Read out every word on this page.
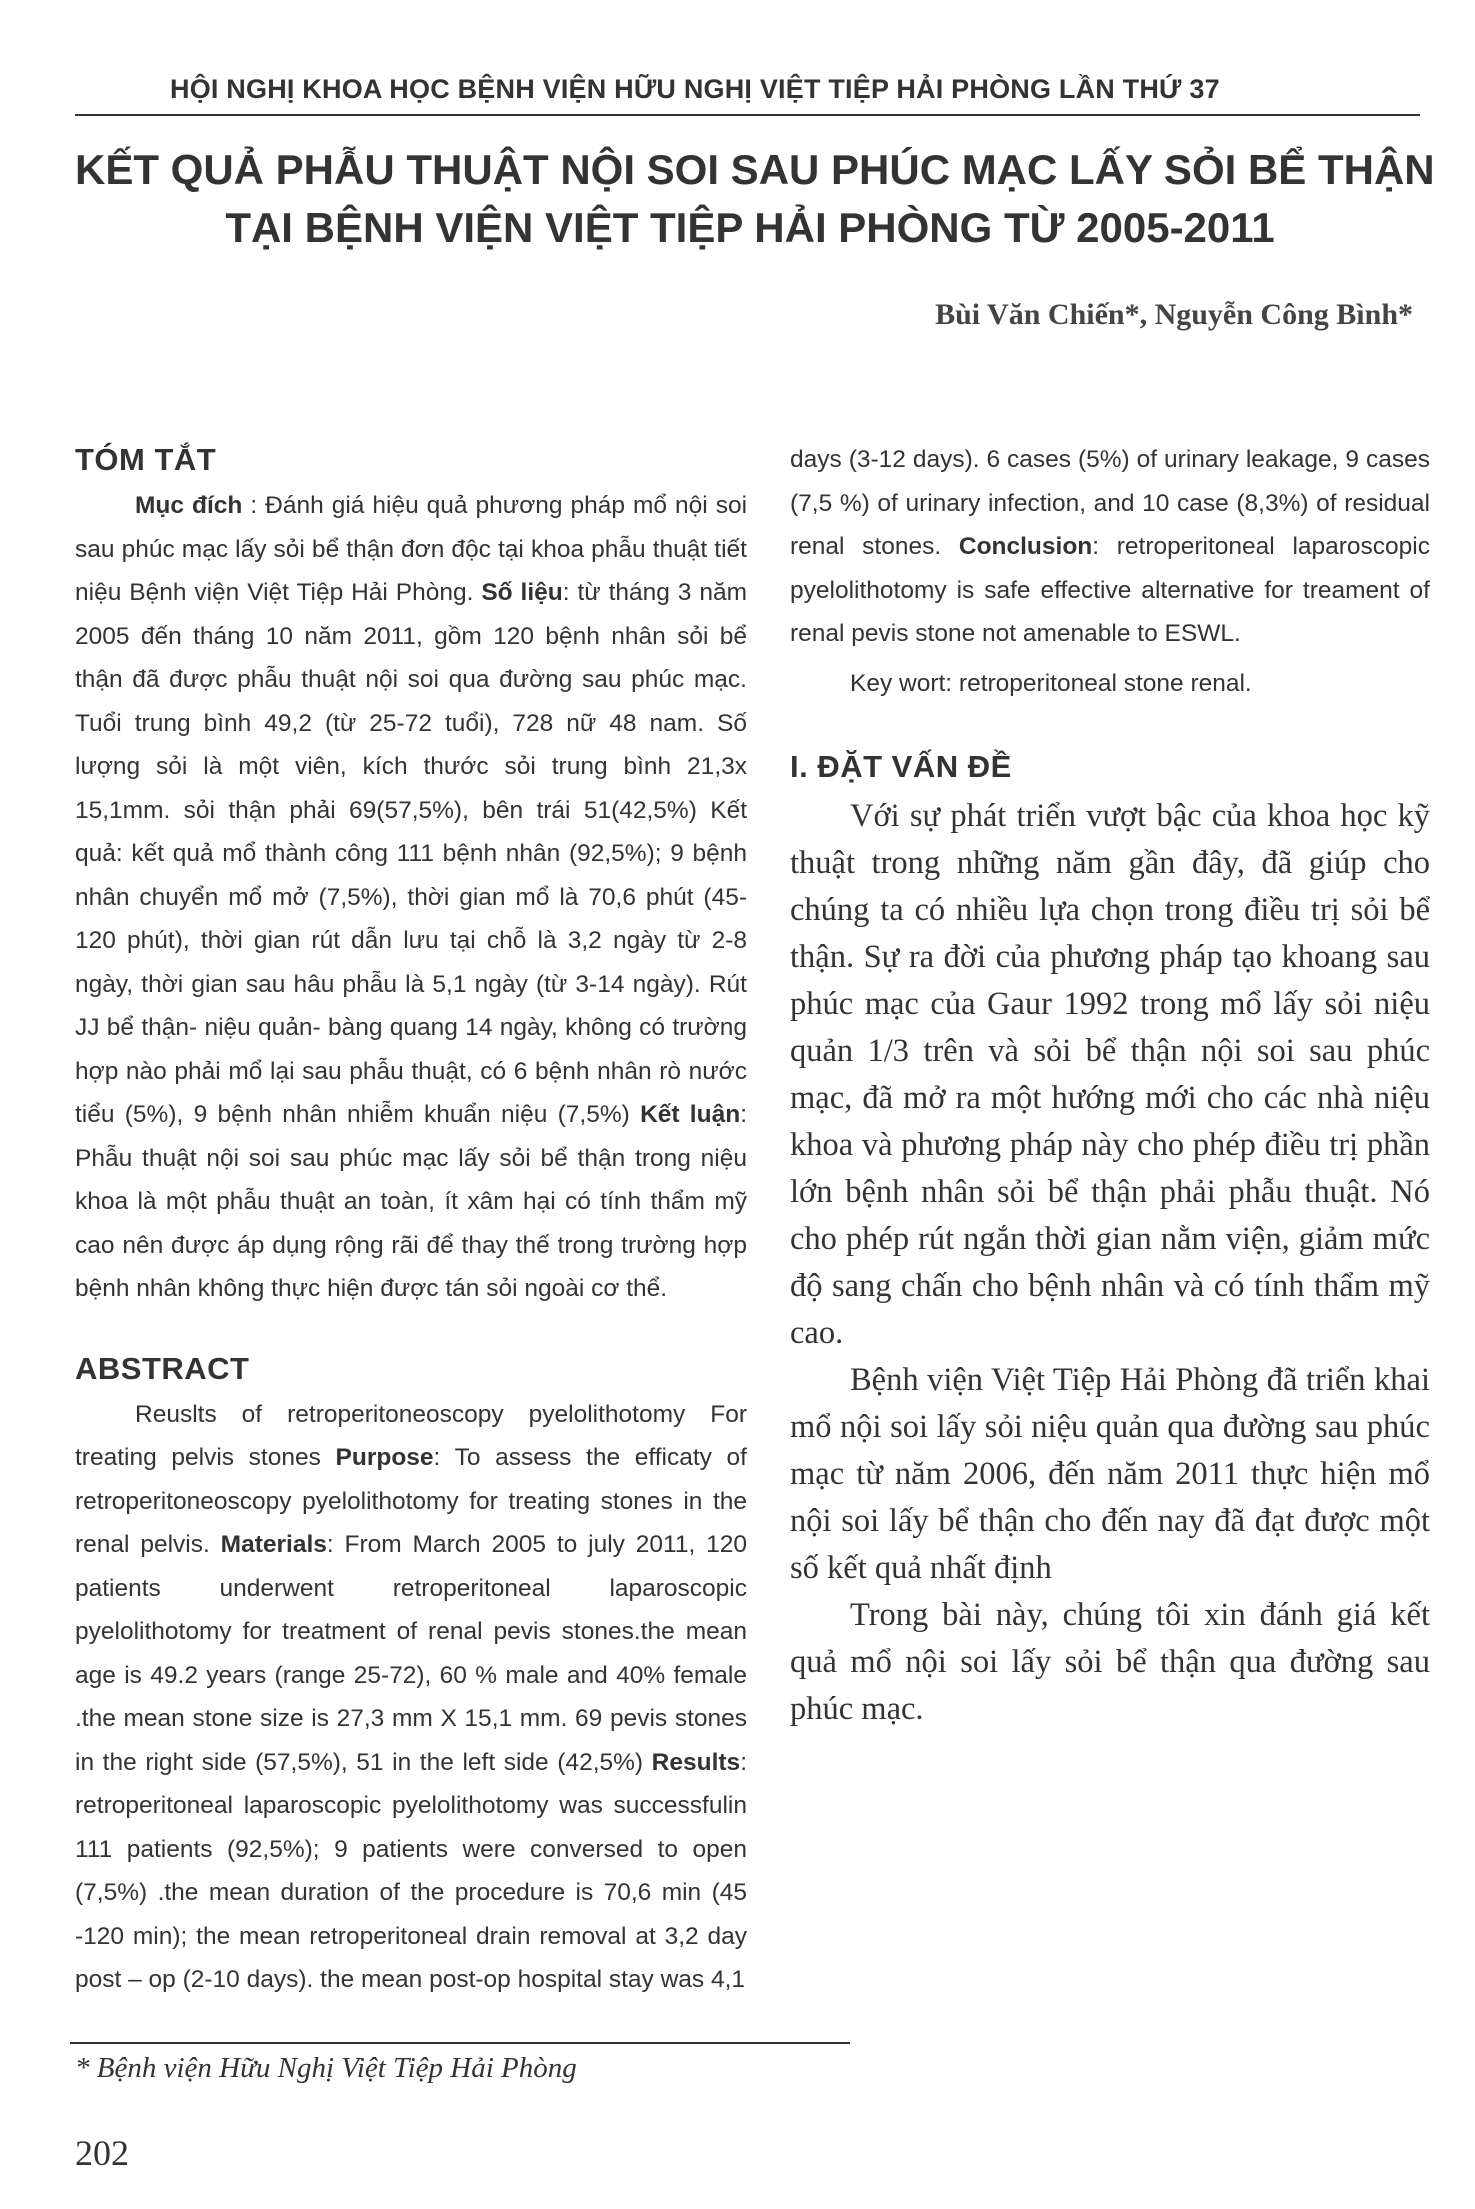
HỘI NGHỊ KHOA HỌC BỆNH VIỆN HỮU NGHỊ VIỆT TIỆP HẢI PHÒNG LẦN THỨ 37
KẾT QUẢ PHẪU THUẬT NỘI SOI SAU PHÚC MẠC LẤY SỎI BỂ THẬN
TẠI BỆNH VIỆN VIỆT TIỆP HẢI PHÒNG TỪ 2005-2011
Bùi Văn Chiến*, Nguyễn Công Bình*
TÓM TẮT

Mục đích : Đánh giá hiệu quả phương pháp mổ nội soi sau phúc mạc lấy sỏi bể thận đơn độc tại khoa phẫu thuật tiết niệu Bệnh viện Việt Tiệp Hải Phòng. Số liệu: từ tháng 3 năm 2005 đến tháng 10 năm 2011, gồm 120 bệnh nhân sỏi bể thận đã được phẫu thuật nội soi qua đường sau phúc mạc. Tuổi trung bình 49,2 (từ 25-72 tuổi), 728 nữ 48 nam. Số lượng sỏi là một viên, kích thước sỏi trung bình 21,3x 15,1mm. sỏi thận phải 69(57,5%), bên trái 51(42,5%) Kết quả: kết quả mổ thành công 111 bệnh nhân (92,5%); 9 bệnh nhân chuyển mổ mở (7,5%), thời gian mổ là 70,6 phút (45-120 phút), thời gian rút dẫn lưu tại chỗ là 3,2 ngày từ 2-8 ngày, thời gian sau hâu phẫu là 5,1 ngày (từ 3-14 ngày). Rút JJ bể thận- niệu quản- bàng quang 14 ngày, không có trường hợp nào phải mổ lại sau phẫu thuật, có 6 bệnh nhân rò nước tiểu (5%), 9 bệnh nhân nhiễm khuẩn niệu (7,5%) Kết luận: Phẫu thuật nội soi sau phúc mạc lấy sỏi bể thận trong niệu khoa là một phẫu thuật an toàn, ít xâm hại có tính thẩm mỹ cao nên được áp dụng rộng rãi để thay thế trong trường hợp bệnh nhân không thực hiện được tán sỏi ngoài cơ thể.

ABSTRACT

Reuslts of retroperitoneoscopy pyelolithotomy For treating pelvis stones Purpose: To assess the efficaty of retroperitoneoscopy pyelolithotomy for treating stones in the renal pelvis. Materials: From March 2005 to july 2011, 120 patients underwent retroperitoneal laparoscopic pyelolithotomy for treatment of renal pevis stones.the mean age is 49.2 years (range 25-72), 60 % male and 40% female .the mean stone size is 27,3 mm X 15,1 mm. 69 pevis stones in the right side (57,5%), 51 in the left side (42,5%) Results: retroperitoneal laparoscopic pyelolithotomy was successfulin 111 patients (92,5%); 9 patients were conversed to open (7,5%) .the mean duration of the procedure is 70,6 min (45 -120 min); the mean retroperitoneal drain removal at 3,2 day post – op (2-10 days). the mean post-op hospital stay was 4,1

days (3-12 days). 6 cases (5%) of urinary leakage, 9 cases (7,5 %) of urinary infection, and 10 case (8,3%) of residual renal stones. Conclusion: retroperitoneal laparoscopic pyelolithotomy is safe effective alternative for treament of renal pevis stone not amenable to ESWL.

Key wort: retroperitoneal stone renal.
I. ĐẶT VẤN ĐỀ

Với sự phát triển vượt bậc của khoa học kỹ thuật trong những năm gần đây, đã giúp cho chúng ta có nhiều lựa chọn trong điều trị sỏi bể thận. Sự ra đời của phương pháp tạo khoang sau phúc mạc của Gaur 1992 trong mổ lấy sỏi niệu quản 1/3 trên và sỏi bể thận nội soi sau phúc mạc, đã mở ra một hướng mới cho các nhà niệu khoa và phương pháp này cho phép điều trị phần lớn bệnh nhân sỏi bể thận phải phẫu thuật. Nó cho phép rút ngắn thời gian nằm viện, giảm mức độ sang chấn cho bệnh nhân và có tính thẩm mỹ cao.

Bệnh viện Việt Tiệp Hải Phòng đã triển khai mổ nội soi lấy sỏi niệu quản qua đường sau phúc mạc từ năm 2006, đến năm 2011 thực hiện mổ nội soi lấy bể thận cho đến nay đã đạt được một số kết quả nhất định

Trong bài này, chúng tôi xin đánh giá kết quả mổ nội soi lấy sỏi bể thận qua đường sau phúc mạc.

* Bệnh viện Hữu Nghị Việt Tiệp Hải Phòng
202
